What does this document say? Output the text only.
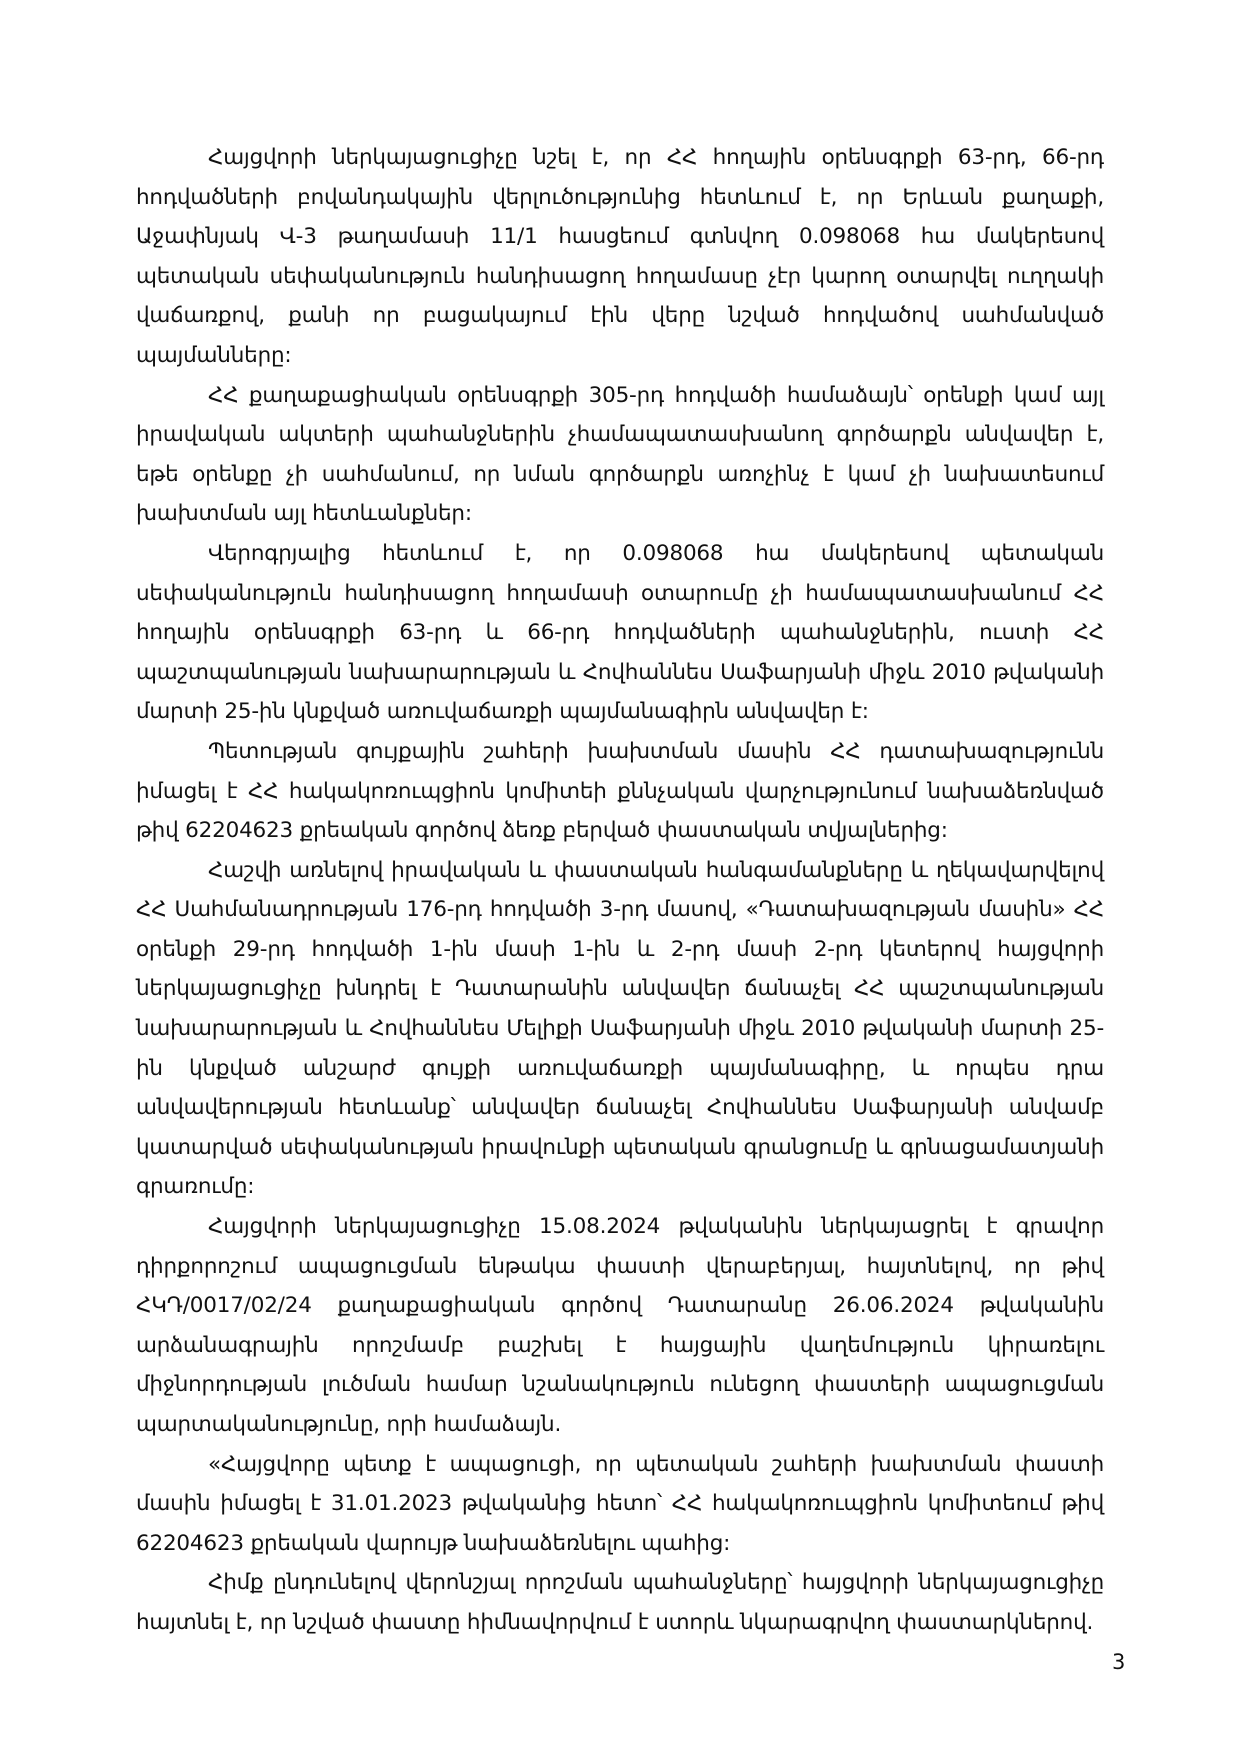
Հայցվորի ներկայացուցիչը նշել է, որ ՀՀ հողային օրենսգրքի 63-րդ, 66-րդ հոդվածների բովանդակային վերլուծությունից հետևում է, որ Երևան քաղաքի, Աջափնյակ Վ-3 թաղամասի 11/1 հասցեում գտնվող 0.098068 հա մակերեսով պետական սեփականություն հանդիսացող հողամասը չէր կարող օտարվել ուղղակի վաճառքով, քանի որ բացակայում էին վերը նշված հոդվածով սահմանված պայմանները:

ՀՀ քաղաքացիական օրենսգրքի 305-րդ հոդվածի համաձայն՝ օրենքի կամ այլ իրավական ակտերի պահանջներին չհամապատասխանող գործարքն անվավեր է, եթե օրենքը չի սահմանում, որ նման գործարքն առոչինչ է կամ չի նախատեսում խախտման այլ հետևանքներ:

Վերոգրյալից հետևում է, որ 0.098068 հա մակերեսով պետական սեփականություն հանդիսացող հողամասի օտարումը չի համապատասխանում ՀՀ հողային օրենսգրքի 63-րդ և 66-րդ հոդվածների պահանջներին, ուստի ՀՀ պաշտպանության նախարարության և Հովհաննես Սաֆարյանի միջև 2010 թվականի մարտի 25-ին կնքված առուվաճառքի պայմանագիրն անվավեր է:

Պետության գույքային շահերի խախտման մասին ՀՀ դատախազությունն իմացել է ՀՀ հակակոռուպցիոն կոմիտեի քննչական վարչությունում նախաձեռնված թիվ 62204623 քրեական գործով ձեռք բերված փաստական տվյալներից:

Հաշվի առնելով իրավական և փաստական հանգամանքները և ղեկավարվելով ՀՀ Սահմանադրության 176-րդ հոդվածի 3-րդ մասով, «Դատախազության մասին» ՀՀ օրենքի 29-րդ հոդվածի 1-ին մասի 1-ին և 2-րդ մասի 2-րդ կետերով հայցվորի ներկայացուցիչը խնդրել է Դատարանին անվավեր ճանաչել ՀՀ պաշտպանության նախարարության և Հովհաննես Մելիքի Սաֆարյանի միջև 2010 թվականի մարտի 25-ին կնքված անշարժ գույքի առուվաճառքի պայմանագիրը, և որպես դրա անվավերության հետևանք՝ անվավեր ճանաչել Հովհաննես Սաֆարյանի անվամբ կատարված սեփականության իրավունքի պետական գրանցումը և գրնացամատյանի գրառումը:

Հայցվորի ներկայացուցիչը 15.08.2024 թվականին ներկայացրել է գրավոր դիրքորոշում ապացուցման ենթակա փաստի վերաբերյալ, հայտնելով, որ թիվ ՀԿԴ/0017/02/24 քաղաքացիական գործով Դատարանը 26.06.2024 թվականին արձանագրային որոշմամբ բաշխել է հայցային վաղեմություն կիրառելու միջնորդության լուծման համար նշանակություն ունեցող փաստերի ապացուցման պարտականությունը, որի համաձայն.

«Հայցվորը պետք է ապացուցի, որ պետական շահերի խախտման փաստի մասին իմացել է 31.01.2023 թվականից հետո՝ ՀՀ հակակոռուպցիոն կոմիտեում թիվ 62204623 քրեական վարույթ նախաձեռնելու պահից:

Հիմք ընդունելով վերոնշյալ որոշման պահանջները՝ հայցվորի ներկայացուցիչը հայտնել է, որ նշված փաստը հիմնավորվում է ստորև նկարագրվող փաստարկներով.

3
